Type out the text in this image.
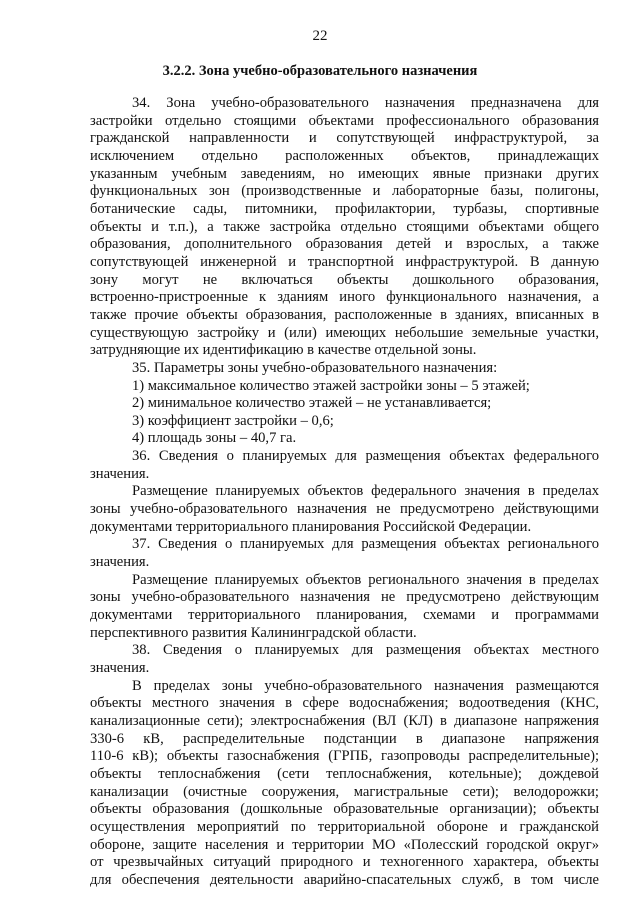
22
3.2.2. Зона учебно-образовательного назначения
34. Зона учебно-образовательного назначения предназначена для
застройки отдельно стоящими объектами профессионального образования
гражданской направленности и сопутствующей инфраструктурой, за
исключением отдельно расположенных объектов, принадлежащих
указанным учебным заведениям, но имеющих явные признаки других
функциональных зон (производственные и лабораторные базы, полигоны,
ботанические сады, питомники, профилактории, турбазы, спортивные
объекты и т.п.), а также застройка отдельно стоящими объектами общего
образования, дополнительного образования детей и взрослых, а также
сопутствующей инженерной и транспортной инфраструктурой. В данную
зону могут не включаться объекты дошкольного образования,
встроенно-пристроенные к зданиям иного функционального назначения, а
также прочие объекты образования, расположенные в зданиях, вписанных в
существующую застройку и (или) имеющих небольшие земельные участки,
затрудняющие их идентификацию в качестве отдельной зоны.
35. Параметры зоны учебно-образовательного назначения:
1) максимальное количество этажей застройки зоны – 5 этажей;
2) минимальное количество этажей – не устанавливается;
3) коэффициент застройки – 0,6;
4) площадь зоны – 40,7 га.
36. Сведения о планируемых для размещения объектах федерального
значения.
Размещение планируемых объектов федерального значения в пределах
зоны учебно-образовательного назначения не предусмотрено действующими
документами территориального планирования Российской Федерации.
37. Сведения о планируемых для размещения объектах регионального
значения.
Размещение планируемых объектов регионального значения в пределах
зоны учебно-образовательного назначения не предусмотрено действующим
документами территориального планирования, схемами и программами
перспективного развития Калининградской области.
38. Сведения о планируемых для размещения объектах местного
значения.
В пределах зоны учебно-образовательного назначения размещаются
объекты местного значения в сфере водоснабжения; водоотведения (КНС,
канализационные сети); электроснабжения (ВЛ (КЛ) в диапазоне напряжения
330-6 кВ, распределительные подстанции в диапазоне напряжения
110-6 кВ); объекты газоснабжения (ГРПБ, газопроводы распределительные);
объекты теплоснабжения (сети теплоснабжения, котельные); дождевой
канализации (очистные сооружения, магистральные сети); велодорожки;
объекты образования (дошкольные образовательные организации); объекты
осуществления мероприятий по территориальной обороне и гражданской
обороне, защите населения и территории МО «Полесский городской округ»
от чрезвычайных ситуаций природного и техногенного характера, объекты
для обеспечения деятельности аварийно-спасательных служб, в том числе
